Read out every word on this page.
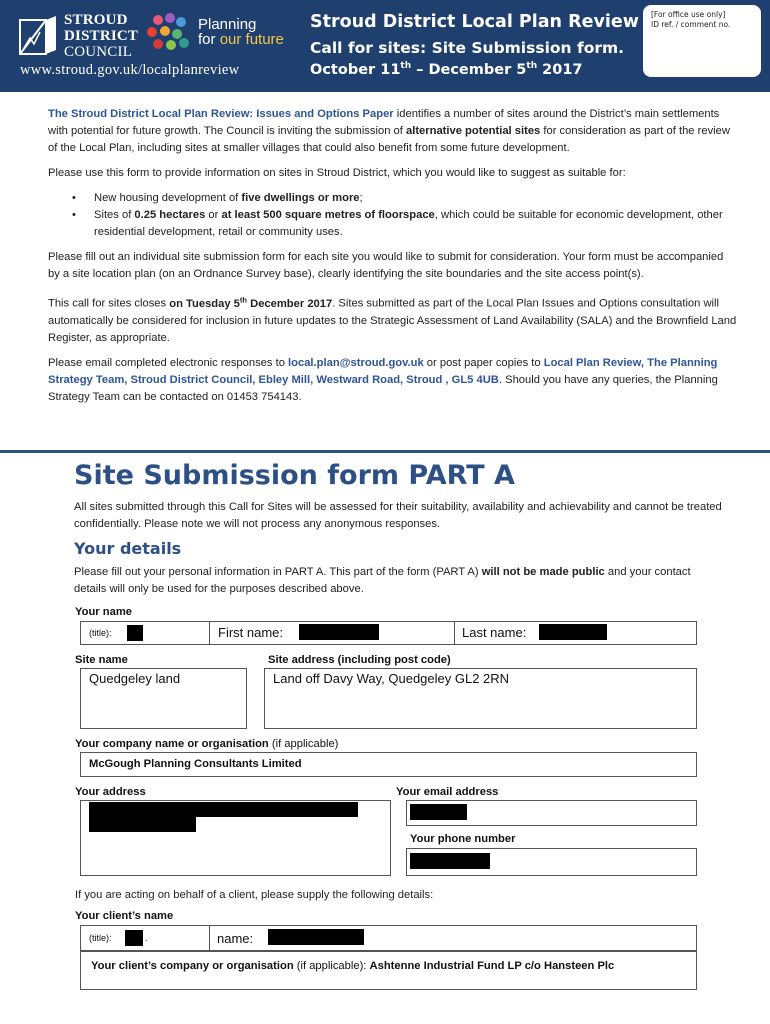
STROUD
DISTRICT
COUNCIL
Planning
for our future
www.stroud.gov.uk/localplanreview
Stroud District Local Plan Review
Call for sites: Site Submission form.
October 11th – December 5th 2017
[For office use only]
ID ref. / comment no.

The Stroud District Local Plan Review: Issues and Options Paper identifies a number of sites around the District’s main settlements with potential for future growth. The Council is inviting the submission of alternative potential sites for consideration as part of the review of the Local Plan, including sites at smaller villages that could also benefit from some future development.

Please use this form to provide information on sites in Stroud District, which you would like to suggest as suitable for:

• New housing development of five dwellings or more;
• Sites of 0.25 hectares or at least 500 square metres of floorspace, which could be suitable for economic development, other residential development, retail or community uses.

Please fill out an individual site submission form for each site you would like to submit for consideration. Your form must be accompanied by a site location plan (on an Ordnance Survey base), clearly identifying the site boundaries and the site access point(s).

This call for sites closes on Tuesday 5th December 2017. Sites submitted as part of the Local Plan Issues and Options consultation will automatically be considered for inclusion in future updates to the Strategic Assessment of Land Availability (SALA) and the Brownfield Land Register, as appropriate.

Please email completed electronic responses to local.plan@stroud.gov.uk or post paper copies to Local Plan Review, The Planning Strategy Team, Stroud District Council, Ebley Mill, Westward Road, Stroud , GL5 4UB. Should you have any queries, the Planning Strategy Team can be contacted on 01453 754143.

Site Submission form PART A
All sites submitted through this Call for Sites will be assessed for their suitability, availability and achievability and cannot be treated confidentially. Please note we will not process any anonymous responses.
Your details
Please fill out your personal information in PART A. This part of the form (PART A) will not be made public and your contact details will only be used for the purposes described above.
Your name
(title):	First name:	Last name:
Site name
Quedgeley land
Site address (including post code)
Land off Davy Way, Quedgeley GL2 2RN
Your company name or organisation (if applicable)
McGough Planning Consultants Limited
Your address	Your email address
Your phone number
If you are acting on behalf of a client, please supply the following details:
Your client’s name
(title):	.	name:
Your client’s company or organisation (if applicable): Ashtenne Industrial Fund LP c/o Hansteen Plc
